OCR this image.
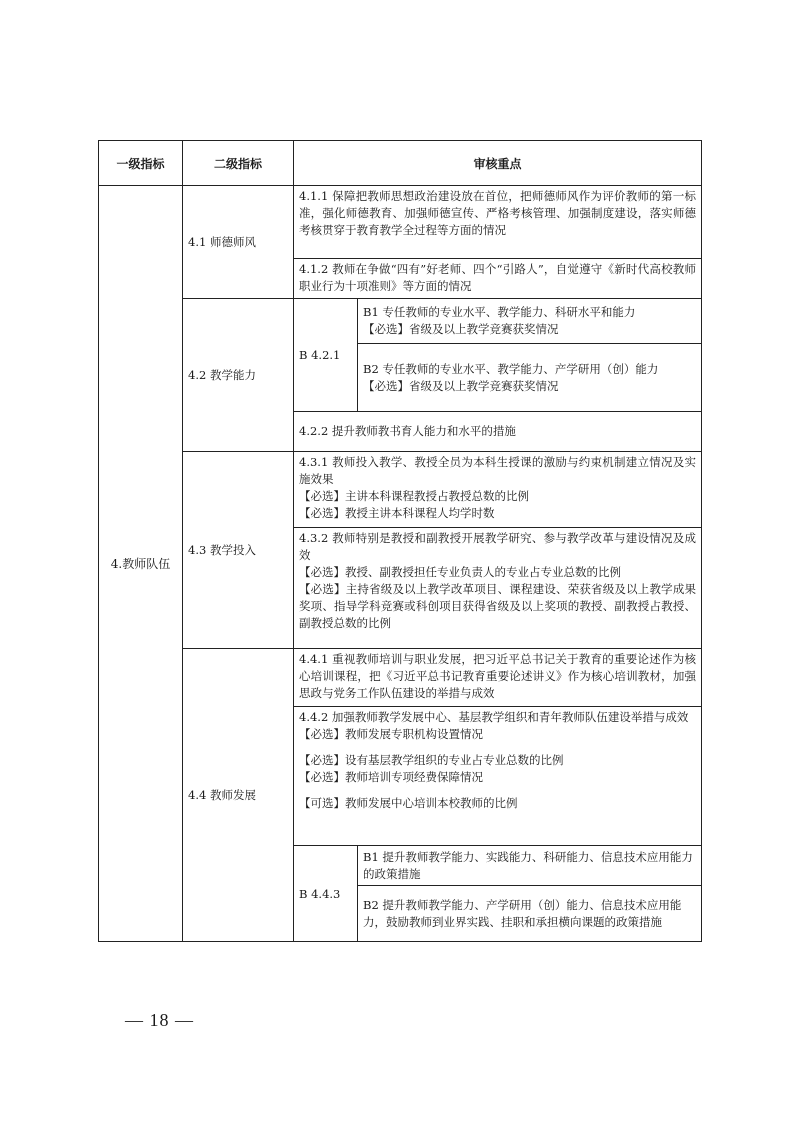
一级指标	二级指标	审核重点	
4.教师队伍	4.1 师德师风	4.1.1 保障把教师思想政治建设放在首位，把师德师风作为评价教师的第一标准，强化师德教育、加强师德宣传、严格考核管理、加强制度建设，落实师德考核贯穿于教育教学全过程等方面的情况	

		4.1.2 教师在争做“四有”好老师、四个“引路人”，自觉遵守《新时代高校教师职业行为十项准则》等方面的情况	

	4.2 教学能力	B 4.2.1	B1 专任教师的专业水平、教学能力、科研水平和能力

【必选】省级及以上教学竞赛获奖情况

			B2 专任教师的专业水平、教学能力、产学研用（创）能力

【必选】省级及以上教学竞赛获奖情况

		4.2.2 提升教师教书育人能力和水平的措施	

	4.3 教学投入	4.3.1 教师投入教学、教授全员为本科生授课的激励与约束机制建立情况及实施效果

【必选】主讲本科课程教授占教授总数的比例

【必选】教授主讲本科课程人均学时数	

		4.3.2 教师特别是教授和副教授开展教学研究、参与教学改革与建设情况及成效

【必选】教授、副教授担任专业负责人的专业占专业总数的比例

【必选】主持省级及以上教学改革项目、课程建设、荣获省级及以上教学成果奖项、指导学科竞赛或科创项目获得省级及以上奖项的教授、副教授占教授、副教授总数的比例	

	4.4 教师发展	4.4.1 重视教师培训与职业发展，把习近平总书记关于教育的重要论述作为核心培训课程，把《习近平总书记教育重要论述讲义》作为核心培训教材，加强思政与党务工作队伍建设的举措与成效	

		4.4.2 加强教师教学发展中心、基层教学组织和青年教师队伍建设举措与成效

【必选】教师发展专职机构设置情况

【必选】设有基层教学组织的专业占专业总数的比例

【必选】教师培训专项经费保障情况

【可选】教师发展中心培训本校教师的比例	

		B 4.4.3	B1 提升教师教学能力、实践能力、科研能力、信息技术应用能力的政策措施

			B2 提升教师教学能力、产学研用（创）能力、信息技术应用能力，鼓励教师到业界实践、挂职和承担横向课题的政策措施

— 18 —
